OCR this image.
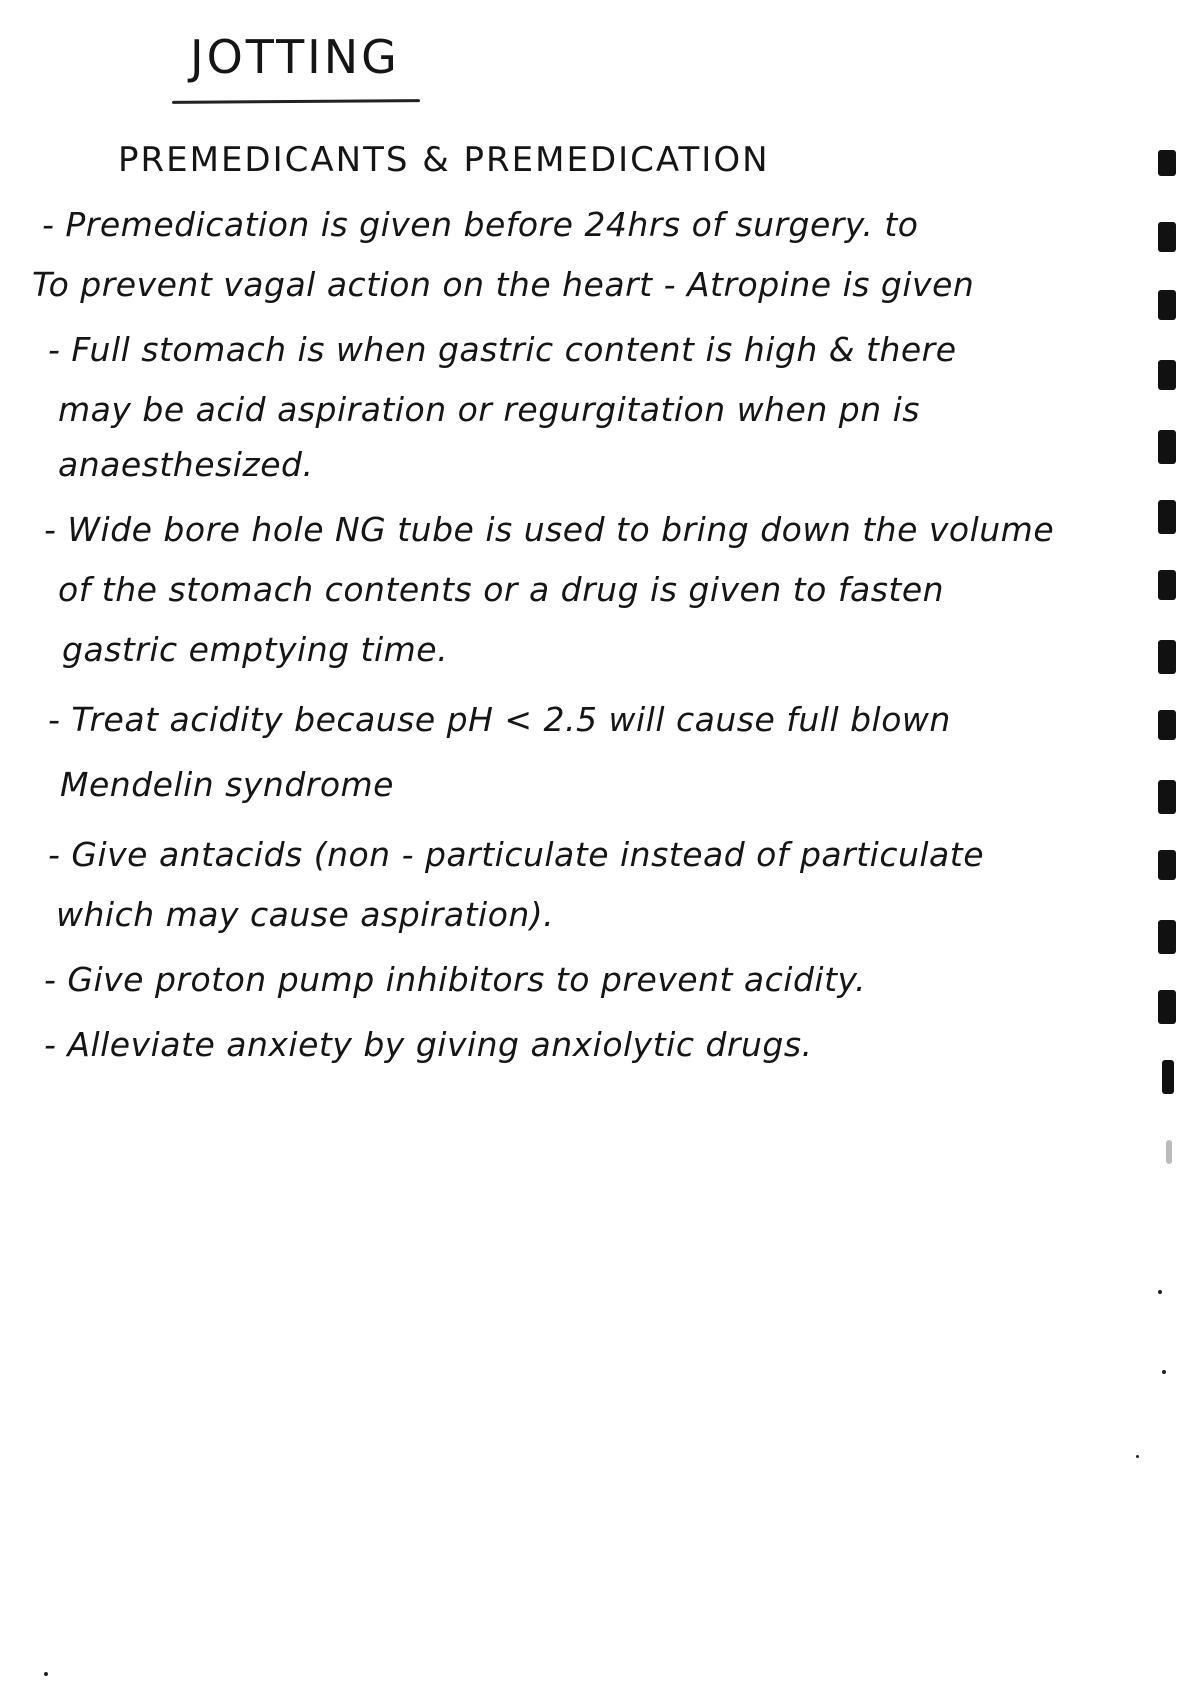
JOTTING
PREMEDICANTS & PREMEDICATION
- Premedication is given before 24hrs of surgery. to
To prevent vagal action on the heart - Atropine is given
- Full stomach is when gastric content is high & there
may be acid aspiration or regurgitation when pn is
anaesthesized.
- Wide bore hole NG tube is used to bring down the volume
of the stomach contents or a drug is given to fasten
gastric emptying time.
- Treat acidity because pH < 2.5 will cause full blown
Mendelin syndrome
- Give antacids (non - particulate instead of particulate
which may cause aspiration).
- Give proton pump inhibitors to prevent acidity.
- Alleviate anxiety by giving anxiolytic drugs.
